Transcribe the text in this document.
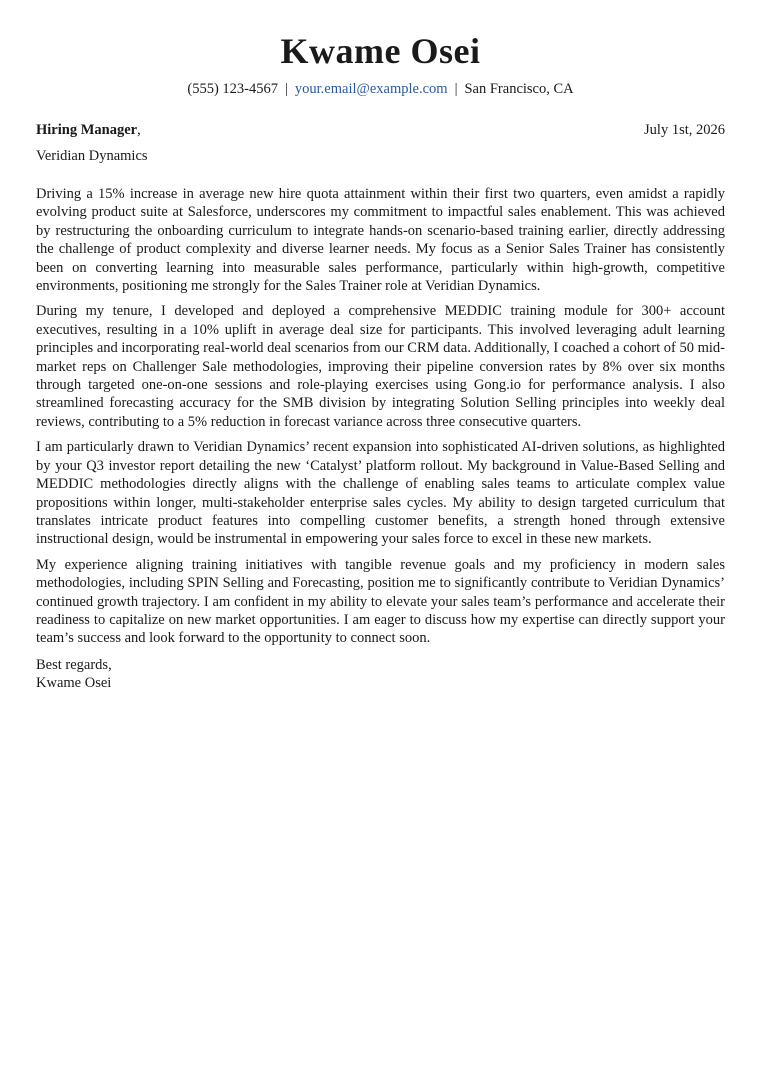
Kwame Osei
(555) 123-4567 | your.email@example.com | San Francisco, CA
Hiring Manager,	July 1st, 2026
Veridian Dynamics

Driving a 15% increase in average new hire quota attainment within their first two quarters, even amidst a rapidly evolving product suite at Salesforce, underscores my commitment to impactful sales enablement. This was achieved by restructuring the onboarding curriculum to integrate hands-on scenario-based training earlier, directly addressing the challenge of product complexity and diverse learner needs. My focus as a Senior Sales Trainer has consistently been on converting learning into measurable sales performance, particularly within high-growth, competitive environments, positioning me strongly for the Sales Trainer role at Veridian Dynamics.

During my tenure, I developed and deployed a comprehensive MEDDIC training module for 300+ account executives, resulting in a 10% uplift in average deal size for participants. This involved leveraging adult learning principles and incorporating real-world deal scenarios from our CRM data. Additionally, I coached a cohort of 50 mid-market reps on Challenger Sale methodologies, improving their pipeline conversion rates by 8% over six months through targeted one-on-one sessions and role-playing exercises using Gong.io for performance analysis. I also streamlined forecasting accuracy for the SMB division by integrating Solution Selling principles into weekly deal reviews, contributing to a 5% reduction in forecast variance across three consecutive quarters.

I am particularly drawn to Veridian Dynamics’ recent expansion into sophisticated AI-driven solutions, as highlighted by your Q3 investor report detailing the new ‘Catalyst’ platform rollout. My background in Value-Based Selling and MEDDIC methodologies directly aligns with the challenge of enabling sales teams to articulate complex value propositions within longer, multi-stakeholder enterprise sales cycles. My ability to design targeted curriculum that translates intricate product features into compelling customer benefits, a strength honed through extensive instructional design, would be instrumental in empowering your sales force to excel in these new markets.

My experience aligning training initiatives with tangible revenue goals and my proficiency in modern sales methodologies, including SPIN Selling and Forecasting, position me to significantly contribute to Veridian Dynamics’ continued growth trajectory. I am confident in my ability to elevate your sales team’s performance and accelerate their readiness to capitalize on new market opportunities. I am eager to discuss how my expertise can directly support your team’s success and look forward to the opportunity to connect soon.

Best regards,
Kwame Osei
